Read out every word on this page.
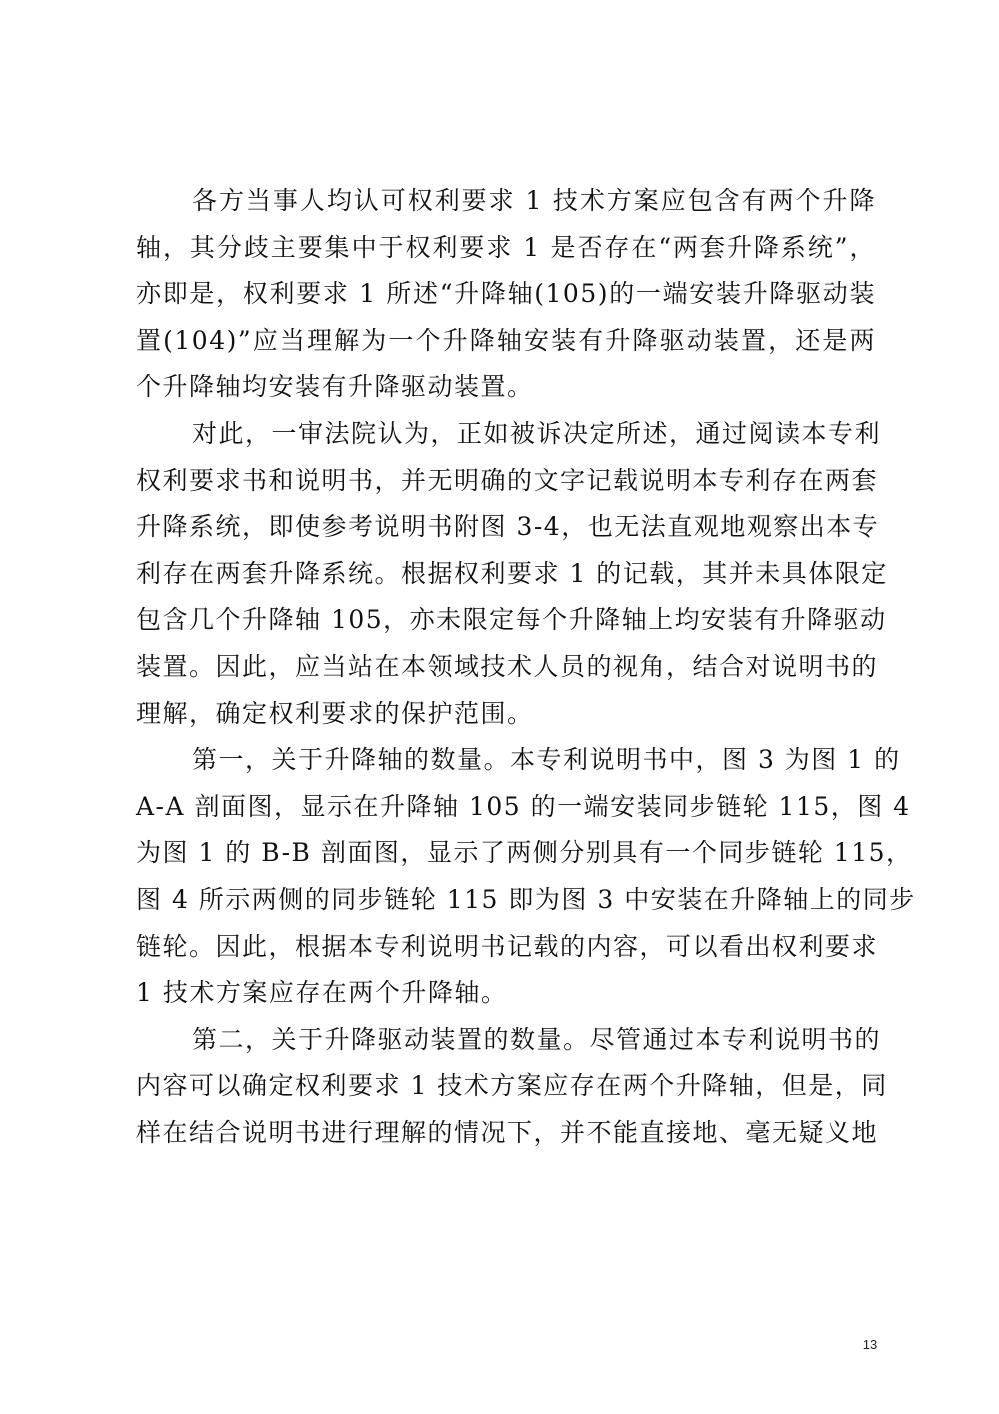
各方当事人均认可权利要求 1 技术方案应包含有两个升降
轴，其分歧主要集中于权利要求 1 是否存在“两套升降系统”，
亦即是，权利要求 1 所述“升降轴(105)的一端安装升降驱动装
置(104)”应当理解为一个升降轴安装有升降驱动装置，还是两
个升降轴均安装有升降驱动装置。

对此，一审法院认为，正如被诉决定所述，通过阅读本专利
权利要求书和说明书，并无明确的文字记载说明本专利存在两套
升降系统，即使参考说明书附图 3-4，也无法直观地观察出本专
利存在两套升降系统。根据权利要求 1 的记载，其并未具体限定
包含几个升降轴 105，亦未限定每个升降轴上均安装有升降驱动
装置。因此，应当站在本领域技术人员的视角，结合对说明书的
理解，确定权利要求的保护范围。

第一，关于升降轴的数量。本专利说明书中，图 3 为图 1 的
A-A 剖面图，显示在升降轴 105 的一端安装同步链轮 115，图 4
为图 1 的 B-B 剖面图，显示了两侧分别具有一个同步链轮 115，
图 4 所示两侧的同步链轮 115 即为图 3 中安装在升降轴上的同步
链轮。因此，根据本专利说明书记载的内容，可以看出权利要求
1 技术方案应存在两个升降轴。

第二，关于升降驱动装置的数量。尽管通过本专利说明书的
内容可以确定权利要求 1 技术方案应存在两个升降轴，但是，同
样在结合说明书进行理解的情况下，并不能直接地、毫无疑义地

13
